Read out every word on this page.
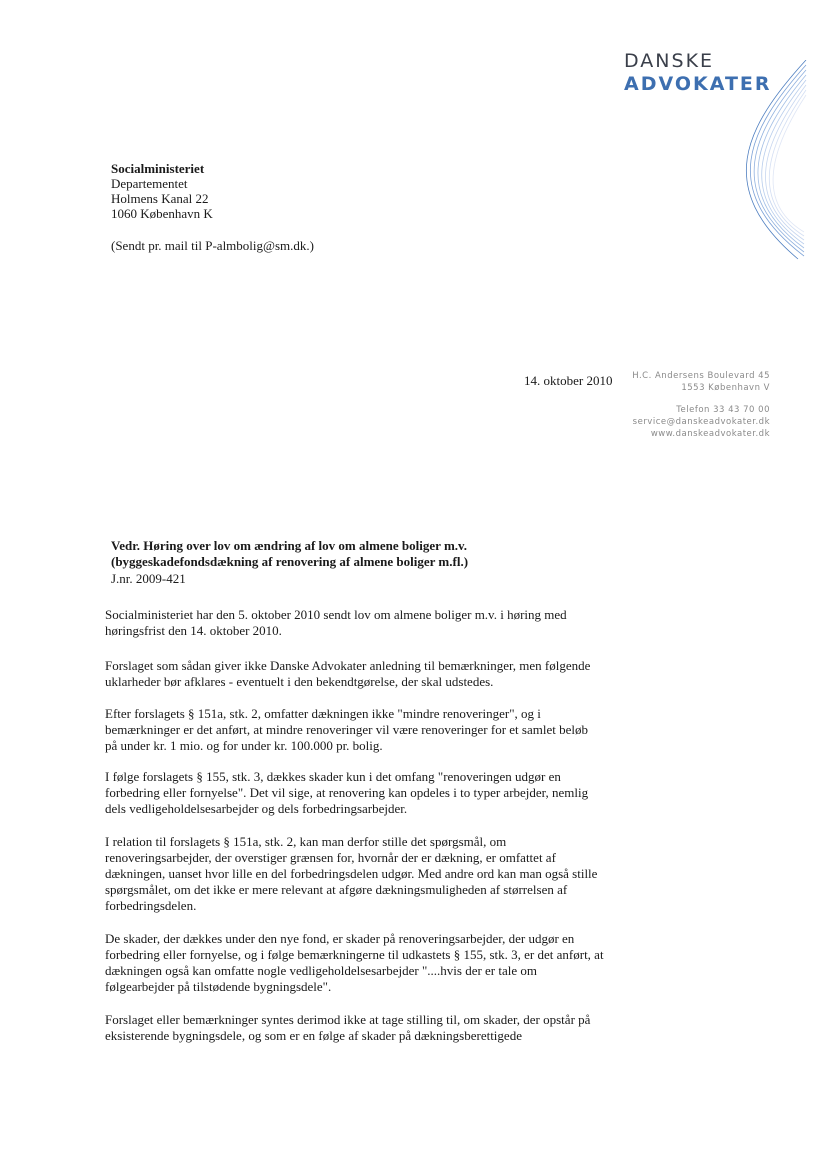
DANSKE
ADVOKATER
Socialministeriet
Departementet
Holmens Kanal 22
1060 København K
(Sendt pr. mail til P-almbolig@sm.dk.)
14. oktober 2010 H.C. Andersens Boulevard 45
1553 København V
Telefon 33 43 70 00
service@danskeadvokater.dk
www.danskeadvokater.dk
Vedr. Høring over lov om ændring af lov om almene boliger m.v.
(byggeskadefondsdækning af renovering af almene boliger m.fl.)
J.nr. 2009-421
Socialministeriet har den 5. oktober 2010 sendt lov om almene boliger m.v. i høring med
høringsfrist den 14. oktober 2010.
Forslaget som sådan giver ikke Danske Advokater anledning til bemærkninger, men følgende
uklarheder bør afklares - eventuelt i den bekendtgørelse, der skal udstedes.
Efter forslagets § 151a, stk. 2, omfatter dækningen ikke "mindre renoveringer", og i
bemærkninger er det anført, at mindre renoveringer vil være renoveringer for et samlet beløb
på under kr. 1 mio. og for under kr. 100.000 pr. bolig.
I følge forslagets § 155, stk. 3, dækkes skader kun i det omfang "renoveringen udgør en
forbedring eller fornyelse". Det vil sige, at renovering kan opdeles i to typer arbejder, nemlig
dels vedligeholdelsesarbejder og dels forbedringsarbejder.
I relation til forslagets § 151a, stk. 2, kan man derfor stille det spørgsmål, om
renoveringsarbejder, der overstiger grænsen for, hvornår der er dækning, er omfattet af
dækningen, uanset hvor lille en del forbedringsdelen udgør. Med andre ord kan man også stille
spørgsmålet, om det ikke er mere relevant at afgøre dækningsmuligheden af størrelsen af
forbedringsdelen.
De skader, der dækkes under den nye fond, er skader på renoveringsarbejder, der udgør en
forbedring eller fornyelse, og i følge bemærkningerne til udkastets § 155, stk. 3, er det anført, at
dækningen også kan omfatte nogle vedligeholdelsesarbejder "....hvis der er tale om
følgearbejder på tilstødende bygningsdele".
Forslaget eller bemærkninger syntes derimod ikke at tage stilling til, om skader, der opstår på
eksisterende bygningsdele, og som er en følge af skader på dækningsberettigede
